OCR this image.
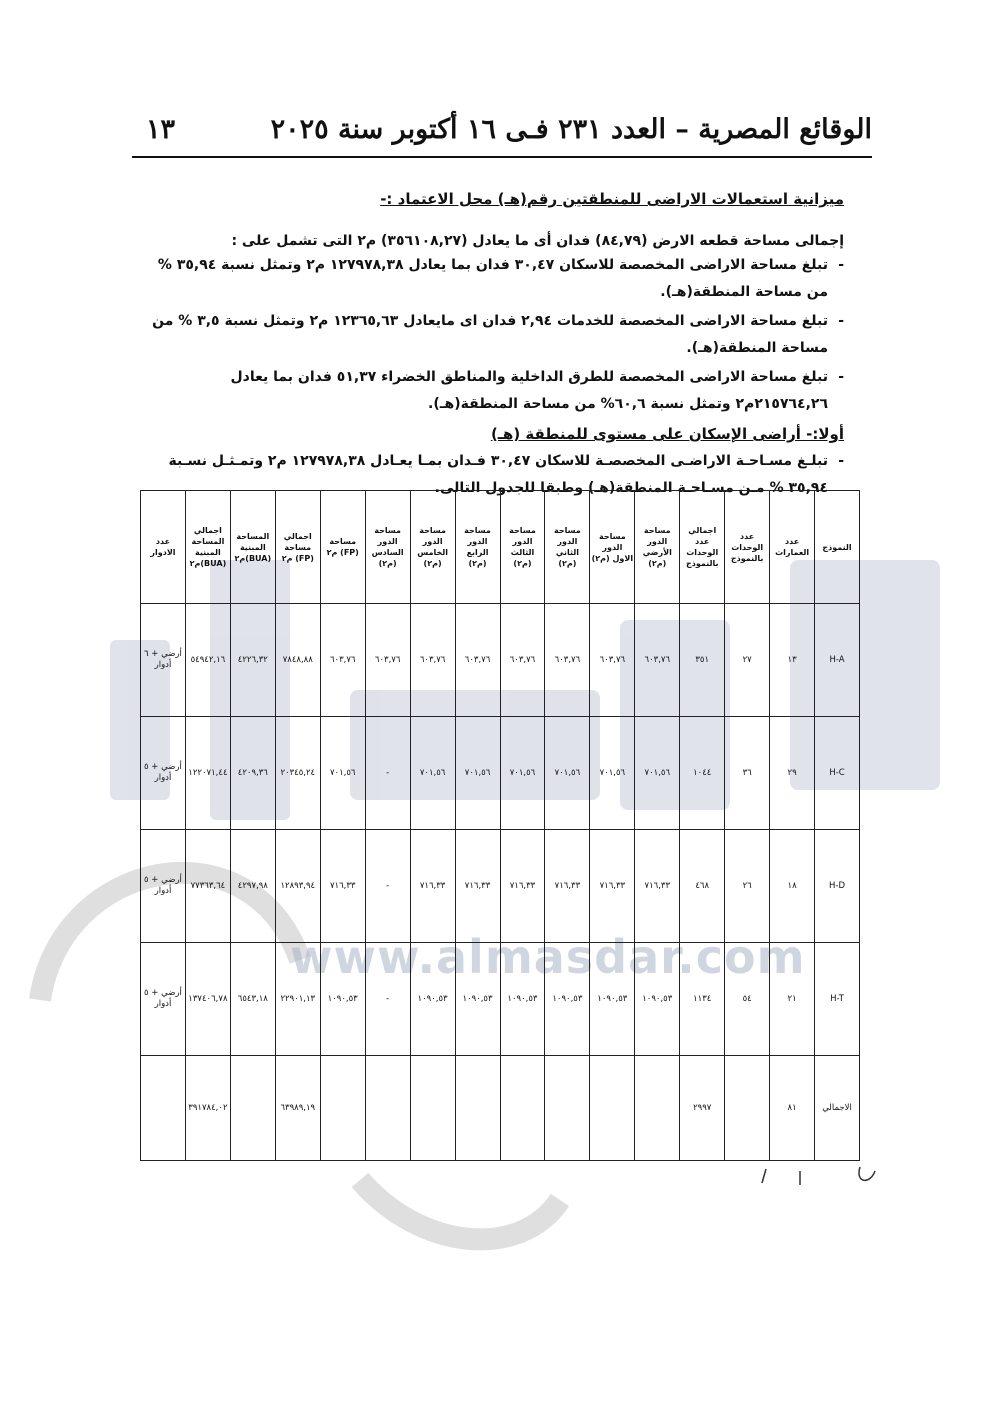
www.almasdar.com
الوقائع المصرية – العدد ٢٣١ فـى ١٦ أكتوبر سنة ٢٠٢٥
١٣
ميزانية استعمالات الاراضى للمنطقتين رقم(هـ) محل الاعتماد :-
إجمالى مساحة قطعه الارض (٨٤,٧٩) فدان أى ما يعادل (٣٥٦١٠٨,٢٧) م٢ التى تشمل على :
- تبلغ مساحة الاراضى المخصصة للاسكان ٣٠,٤٧ فدان بما يعادل ١٢٧٩٧٨,٣٨ م٢ وتمثل نسبة ٣٥,٩٤ % من مساحة المنطقة(هـ).
- تبلغ مساحة الاراضى المخصصة للخدمات ٢,٩٤ فدان اى مايعادل ١٢٣٦٥,٦٣ م٢ وتمثل نسبة ٣,٥ % من مساحة المنطقة(هـ).
- تبلغ مساحة الاراضى المخصصة للطرق الداخلية والمناطق الخضراء ٥١,٣٧ فدان بما يعادل ٢١٥٧٦٤,٢٦م٢ وتمثل نسبة ٦٠,٦% من مساحة المنطقة(هـ).
أولا:- أراضى الإسكان على مستوى للمنطقة (هـ)
- تبلـغ مسـاحـة الاراضـى المخصصـة للاسكان ٣٠,٤٧ فـدان بمـا يعـادل ١٢٧٩٧٨,٣٨ م٢ وتمـثـل نسـبة ٣٥,٩٤ % مـن مسـاحـة المنطقة(هـ) وطبقا للجدول التالى.
النموذج	عدد العمارات	عدد الوحدات بالنموذج	اجمالي عدد الوحدات بالنموذج	مساحة الدور الأرضي (م٢)	مساحة الدور الاول (م٢)	مساحة الدور الثاني (م٢)	مساحة الدور الثالث (م٢)	مساحة الدور الرابع (م٢)	مساحة الدور الخامس (م٢)	مساحة الدور السادس (م٢)	مساحة (FP) م٢	اجمالي مساحة (FP) م٢	المساحة المبنية (BUA)م٢	اجمالي المساحة المبنية (BUA)م٢	عدد الادوار
H-A	١٣	٢٧	٣٥١	٦٠٣,٧٦	٦٠٣,٧٦	٦٠٣,٧٦	٦٠٣,٧٦	٦٠٣,٧٦	٦٠٣,٧٦	٦٠٣,٧٦	٦٠٣,٧٦	٧٨٤٨,٨٨	٤٢٢٦,٣٢	٥٤٩٤٢,١٦	أرضي + ٦ أدوار
H-C	٢٩	٣٦	١٠٤٤	٧٠١,٥٦	٧٠١,٥٦	٧٠١,٥٦	٧٠١,٥٦	٧٠١,٥٦	٧٠١,٥٦	-	٧٠١,٥٦	٢٠٣٤٥,٢٤	٤٢٠٩,٣٦	١٢٢٠٧١,٤٤	أرضي + ٥ أدوار
H-D	١٨	٢٦	٤٦٨	٧١٦,٣٣	٧١٦,٣٣	٧١٦,٣٣	٧١٦,٣٣	٧١٦,٣٣	٧١٦,٣٣	-	٧١٦,٣٣	١٢٨٩٣,٩٤	٤٢٩٧,٩٨	٧٧٣٦٣,٦٤	أرضي + ٥ أدوار
H-T	٢١	٥٤	١١٣٤	١٠٩٠,٥٣	١٠٩٠,٥٣	١٠٩٠,٥٣	١٠٩٠,٥٣	١٠٩٠,٥٣	١٠٩٠,٥٣	-	١٠٩٠,٥٣	٢٢٩٠١,١٣	٦٥٤٣,١٨	١٣٧٤٠٦,٧٨	أرضي + ٥ أدوار
الاجمالي	٨١		٢٩٩٧									٦٣٩٨٩,١٩		٣٩١٧٨٤,٠٢	
